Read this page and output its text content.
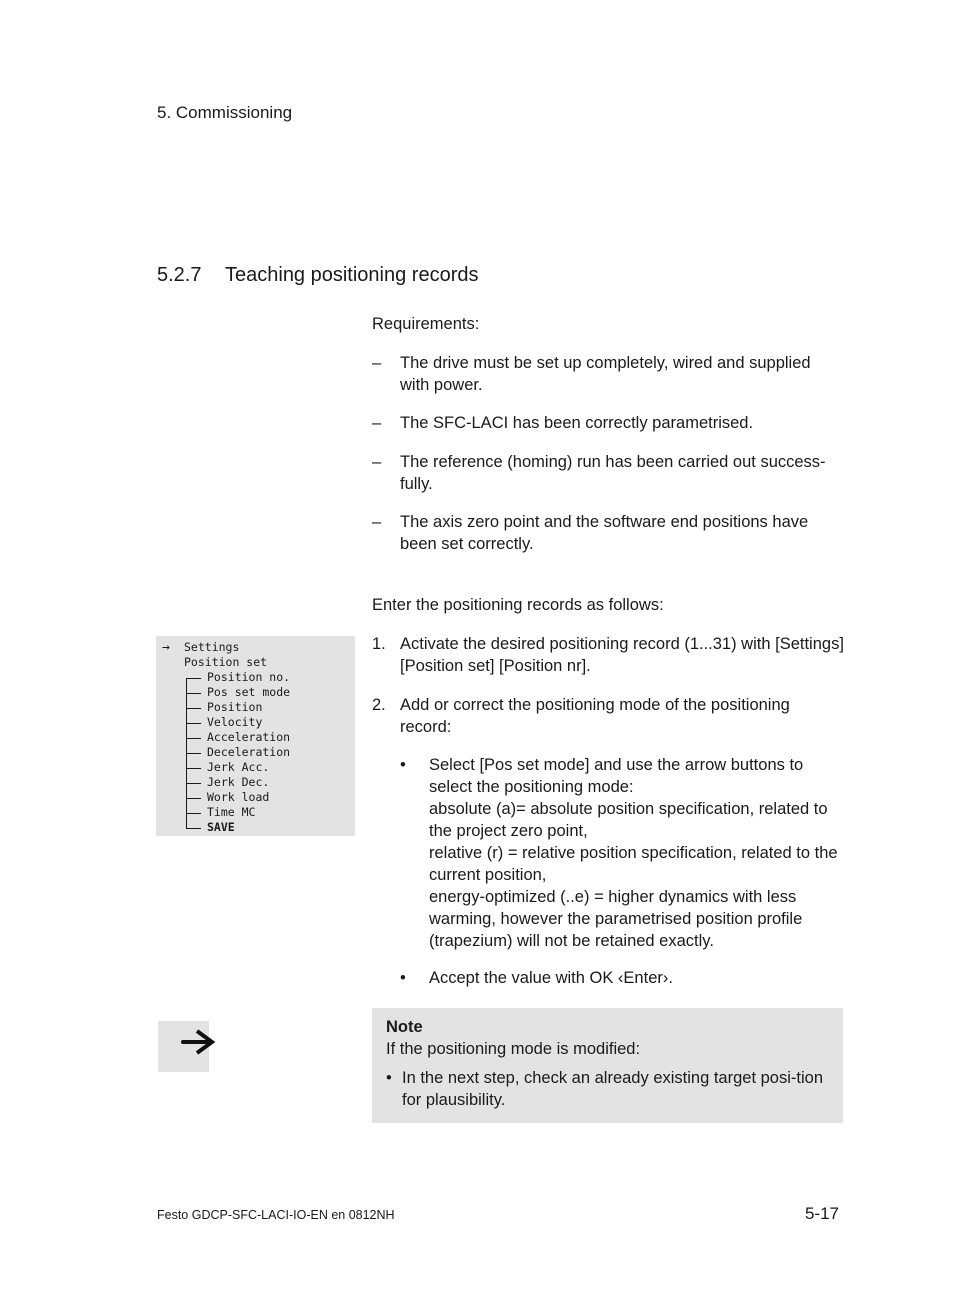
5. Commissioning
5.2.7 Teaching positioning records
Requirements:
– The drive must be set up completely, wired and supplied with power.
– The SFC-LACI has been correctly parametrised.
– The reference (homing) run has been carried out success-fully.
– The axis zero point and the software end positions have been set correctly.
Enter the positioning records as follows:
1. Activate the desired positioning record (1...31) with [Settings] [Position set] [Position nr].
2. Add or correct the positioning mode of the positioning record:
• Select [Pos set mode] and use the arrow buttons to select the positioning mode:
absolute (a)= absolute position specification, related to the project zero point,
relative (r) = relative position specification, related to the current position,
energy-optimized (..e) = higher dynamics with less warming, however the parametrised position profile (trapezium) will not be retained exactly.
• Accept the value with OK ‹Enter›.
→ Settings
Position set
Position no.
Pos set mode
Position
Velocity
Acceleration
Deceleration
Jerk Acc.
Jerk Dec.
Work load
Time MC
SAVE
Note
If the positioning mode is modified:
• In the next step, check an already existing target posi-tion for plausibility.
Festo GDCP-SFC-LACI-IO-EN en 0812NH	5-17
